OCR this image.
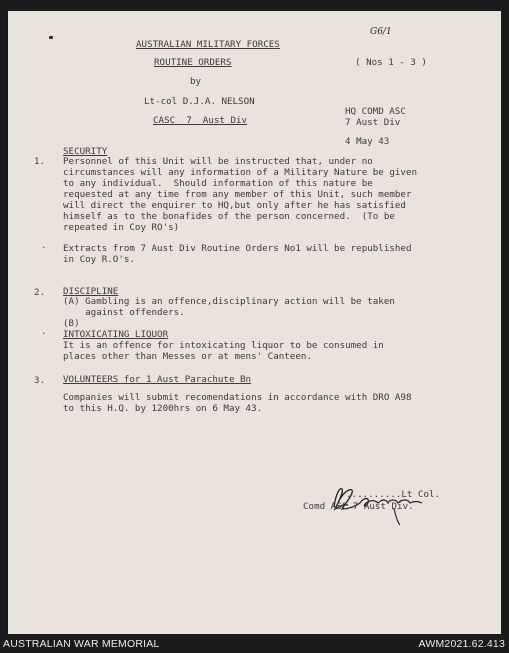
G6/1
AUSTRALIAN MILITARY FORCES
ROUTINE ORDERS	( Nos 1 - 3 )
by
Lt-col D.J.A. NELSON
CASC  7  Aust Div
HQ COMD ASC
7 Aust Div
4 May 43
SECURITY
1. Personnel of this Unit will be instructed that, under no
circumstances will any information of a Military Nature be given
to any individual.  Should information of this nature be
requested at any time from any member of this Unit, such member
will direct the enquirer to HQ,but only after he has satisfied
himself as to the bonafides of the person concerned.  (To be
repeated in Coy RO's)
. Extracts from 7 Aust Div Routine Orders No1 will be republished
in Coy R.O's.
2. DISCIPLINE
(A) Gambling is an offence,disciplinary action will be taken
against offenders.
(B)
. INTOXICATING LIQUOR
It is an offence for intoxicating liquor to be consumed in
places other than Messes or at mens' Canteen.
3. VOLUNTEERS for 1 Aust Parachute Bn
Companies will submit recomendations in accordance with DRO A98
to this H.Q. by 1200hrs on 6 May 43.
..........Lt Col.
Comd ASC 7 Aust Div.
AUSTRALIAN WAR MEMORIAL	AWM2021.62.413
